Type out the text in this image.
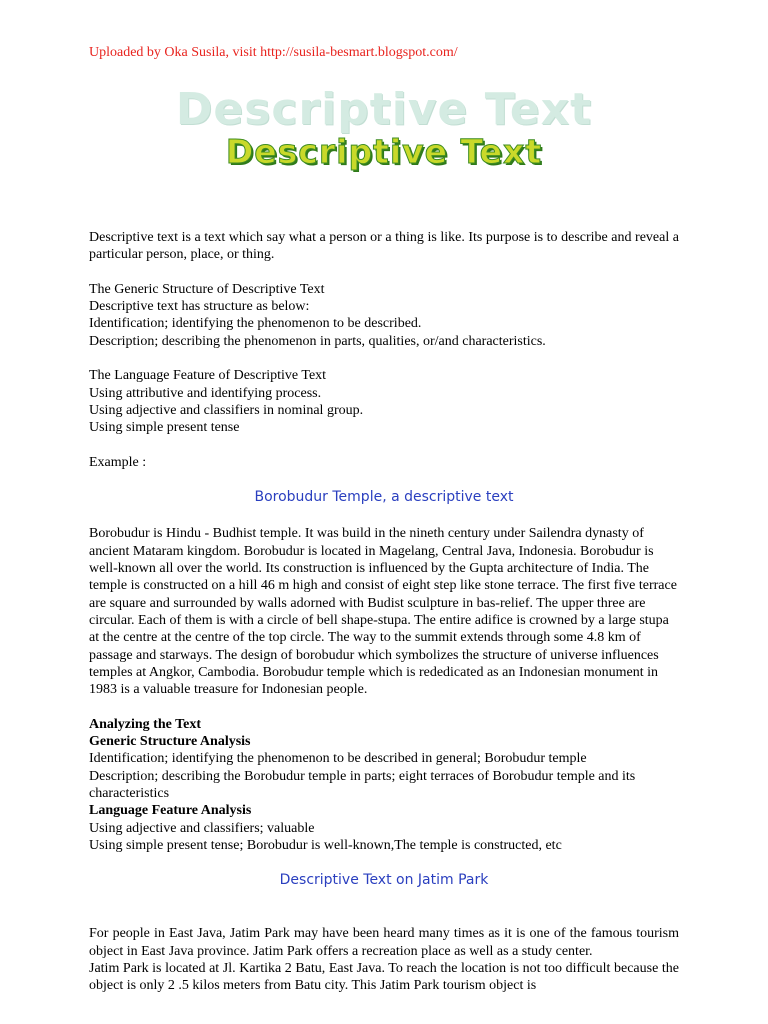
Uploaded by Oka Susila, visit http://susila-besmart.blogspot.com/
Descriptive Text
Descriptive Text

Descriptive text is a text which say what a person or a thing is like. Its purpose is to describe and reveal a particular person, place, or thing.

The Generic Structure of Descriptive Text

Descriptive text has structure as below:

Identification; identifying the phenomenon to be described.

Description; describing the phenomenon in parts, qualities, or/and characteristics.

The Language Feature of Descriptive Text

Using attributive and identifying process.

Using adjective and classifiers in nominal group.

Using simple present tense

Example :

Borobudur Temple, a descriptive text

Borobudur is Hindu - Budhist temple. It was build in the nineth century under Sailendra dynasty of ancient Mataram kingdom. Borobudur is located in Magelang, Central Java, Indonesia. Borobudur is well-known all over the world. Its construction is influenced by the Gupta architecture of India. The temple is constructed on a hill 46 m high and consist of eight step like stone terrace. The first five terrace are square and surrounded by walls adorned with Budist sculpture in bas-relief. The upper three are circular. Each of them is with a circle of bell shape-stupa. The entire adifice is crowned by a large stupa at the centre at the centre of the top circle. The way to the summit extends through some 4.8 km of passage and starways. The design of borobudur which symbolizes the structure of universe influences temples at Angkor, Cambodia. Borobudur temple which is rededicated as an Indonesian monument in 1983 is a valuable treasure for Indonesian people.

Analyzing the Text

Generic Structure Analysis

Identification; identifying the phenomenon to be described in general; Borobudur temple

Description; describing the Borobudur temple in parts; eight terraces of Borobudur temple and its characteristics

Language Feature Analysis

Using adjective and classifiers; valuable

Using simple present tense; Borobudur is well-known,The temple is constructed, etc

Descriptive Text on Jatim Park

For people in East Java, Jatim Park may have been heard many times as it is one of the famous tourism object in East Java province. Jatim Park offers a recreation place as well as a study center.

Jatim Park is located at Jl. Kartika 2 Batu, East Java. To reach the location is not too difficult because the object is only 2 .5 kilos meters from Batu city. This Jatim Park tourism object is
